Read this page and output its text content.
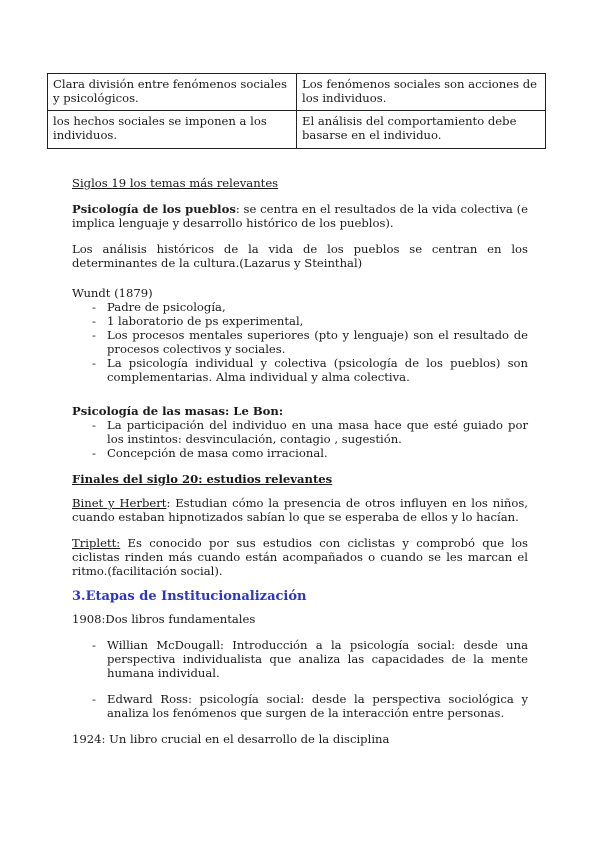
Clara división entre fenómenos sociales y psicológicos.	Los fenómenos sociales son acciones de los individuos.
los hechos sociales se imponen a los individuos.	El análisis del comportamiento debe basarse en el individuo.

Siglos 19 los temas más relevantes

Psicología de los pueblos: se centra en el resultados de la vida colectiva (e implica lenguaje y desarrollo histórico de los pueblos).

Los análisis históricos de la vida de los pueblos se centran en los determinantes de la cultura.(Lazarus y Steinthal)

Wundt (1879)

- Padre de psicología,
- 1 laboratorio de ps experimental,
- Los procesos mentales superiores (pto y lenguaje) son el resultado de procesos colectivos y sociales.
- La psicología individual y colectiva (psicología de los pueblos) son complementarias. Alma individual y alma colectiva.

Psicología de las masas: Le Bon:

- La participación del individuo en una masa hace que esté guiado por los instintos: desvinculación, contagio , sugestión.
- Concepción de masa como irracional.

Finales del siglo 20: estudios relevantes

Binet y Herbert: Estudian cómo la presencia de otros influyen en los niños, cuando estaban hipnotizados sabían lo que se esperaba de ellos y lo hacían.

Triplett: Es conocido por sus estudios con ciclistas y comprobó que los ciclistas rinden más cuando están acompañados o cuando se les marcan el ritmo.(facilitación social).

3.Etapas de Institucionalización

1908:Dos libros fundamentales

- Willian McDougall: Introducción a la psicología social: desde una perspectiva individualista que analiza las capacidades de la mente humana individual.
- Edward Ross: psicología social: desde la perspectiva sociológica y analiza los fenómenos que surgen de la interacción entre personas.

1924: Un libro crucial en el desarrollo de la disciplina
